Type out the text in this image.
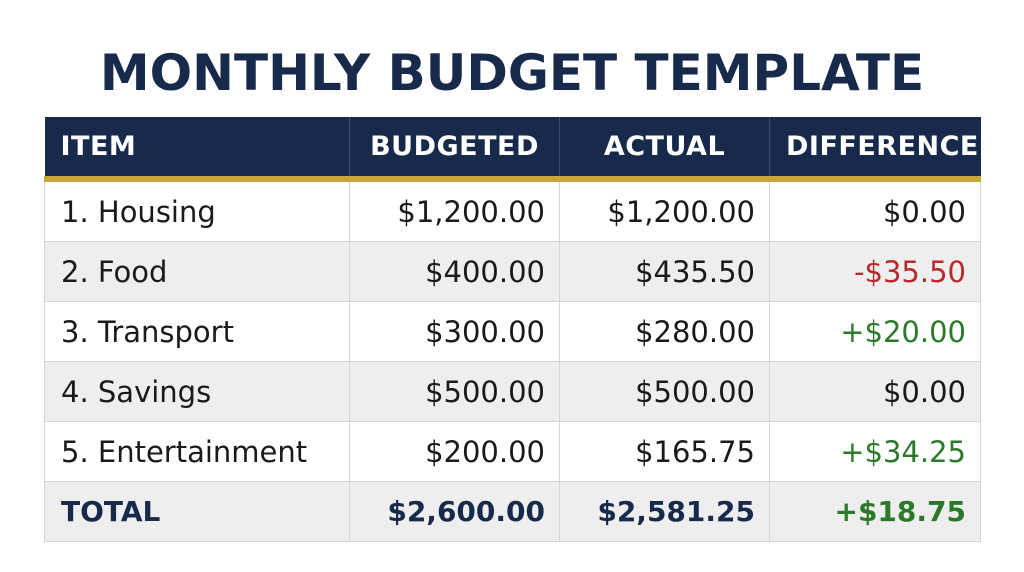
MONTHLY BUDGET TEMPLATE
ITEM	BUDGETED	ACTUAL	DIFFERENCE
1. Housing	$1,200.00	$1,200.00	$0.00
2. Food	$400.00	$435.50	-$35.50
3. Transport	$300.00	$280.00	+$20.00
4. Savings	$500.00	$500.00	$0.00
5. Entertainment	$200.00	$165.75	+$34.25
TOTAL	$2,600.00	$2,581.25	+$18.75
